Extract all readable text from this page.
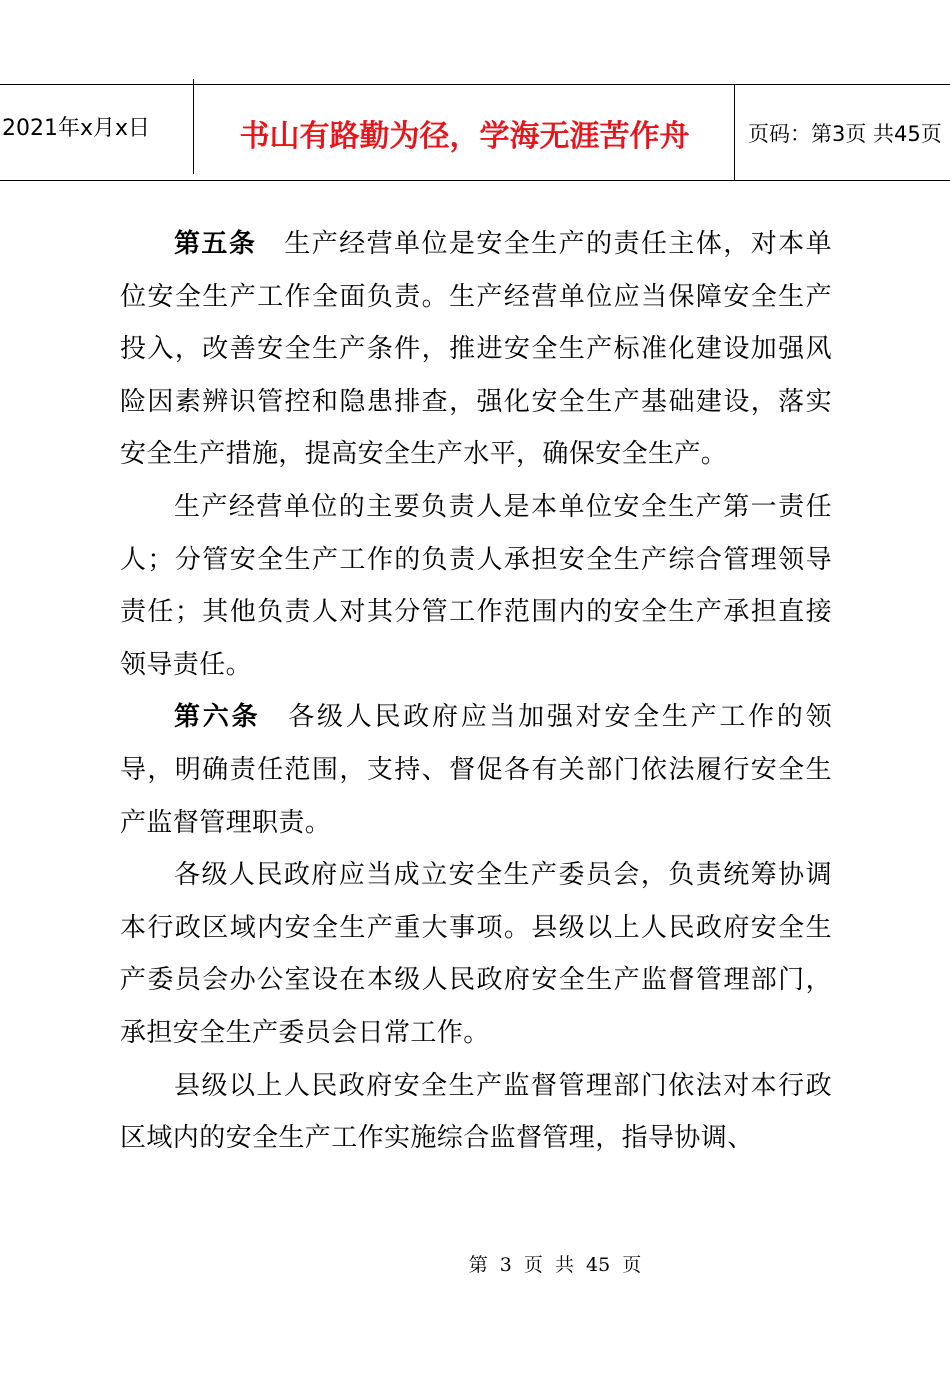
2021年x月x日	书山有路勤为径，学海无涯苦作舟	页码：第3页 共45页

第五条 生产经营单位是安全生产的责任主体，对本单位安全生产工作全面负责。生产经营单位应当保障安全生产投入，改善安全生产条件，推进安全生产标准化建设加强风险因素辨识管控和隐患排查，强化安全生产基础建设，落实安全生产措施，提高安全生产水平，确保安全生产。

生产经营单位的主要负责人是本单位安全生产第一责任人；分管安全生产工作的负责人承担安全生产综合管理领导责任；其他负责人对其分管工作范围内的安全生产承担直接领导责任。

第六条 各级人民政府应当加强对安全生产工作的领导，明确责任范围，支持、督促各有关部门依法履行安全生产监督管理职责。

各级人民政府应当成立安全生产委员会，负责统筹协调本行政区域内安全生产重大事项。县级以上人民政府安全生产委员会办公室设在本级人民政府安全生产监督管理部门，承担安全生产委员会日常工作。

县级以上人民政府安全生产监督管理部门依法对本行政区域内的安全生产工作实施综合监督管理，指导协调、

第 3 页 共 45 页
